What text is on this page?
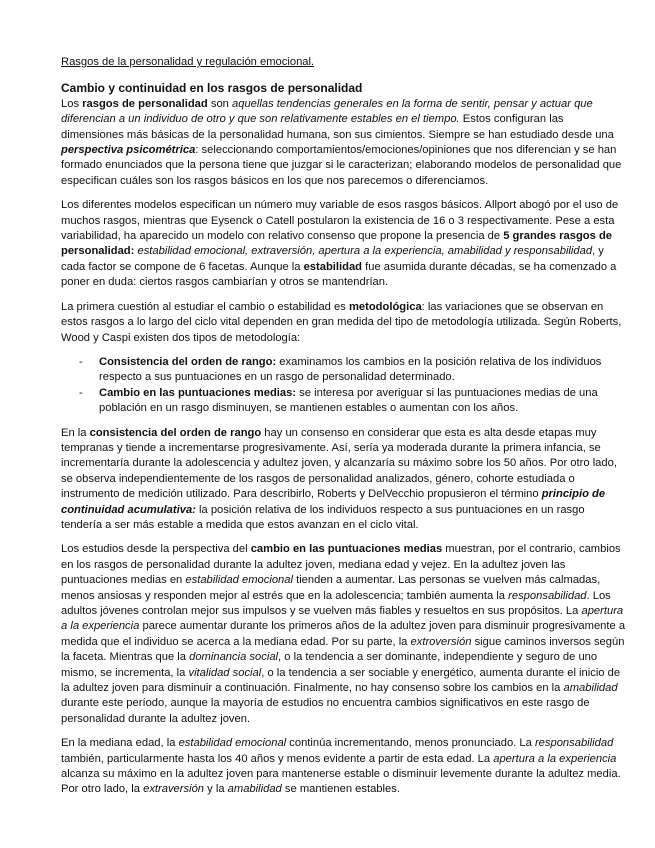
Rasgos de la personalidad y regulación emocional.
Cambio y continuidad en los rasgos de personalidad

Los rasgos de personalidad son aquellas tendencias generales en la forma de sentir, pensar y actuar que diferencian a un individuo de otro y que son relativamente estables en el tiempo. Estos configuran las dimensiones más básicas de la personalidad humana, son sus cimientos. Siempre se han estudiado desde una perspectiva psicométrica: seleccionando comportamientos/emociones/opiniones que nos diferencian y se han formado enunciados que la persona tiene que juzgar si le caracterizan; elaborando modelos de personalidad que especifican cuáles son los rasgos básicos en los que nos parecemos o diferenciamos.

Los diferentes modelos especifican un número muy variable de esos rasgos básicos. Allport abogó por el uso de muchos rasgos, mientras que Eysenck o Catell postularon la existencia de 16 o 3 respectivamente. Pese a esta variabilidad, ha aparecido un modelo con relativo consenso que propone la presencia de 5 grandes rasgos de personalidad: estabilidad emocional, extraversión, apertura a la experiencia, amabilidad y responsabilidad, y cada factor se compone de 6 facetas. Aunque la estabilidad fue asumida durante décadas, se ha comenzado a poner en duda: ciertos rasgos cambiarían y otros se mantendrían.

La primera cuestión al estudiar el cambio o estabilidad es metodológica: las variaciones que se observan en estos rasgos a lo largo del ciclo vital dependen en gran medida del tipo de metodología utilizada. Según Roberts, Wood y Caspi existen dos tipos de metodología:

- Consistencia del orden de rango: examinamos los cambios en la posición relativa de los individuos respecto a sus puntuaciones en un rasgo de personalidad determinado.
- Cambio en las puntuaciones medias: se interesa por averiguar si las puntuaciones medias de una población en un rasgo disminuyen, se mantienen estables o aumentan con los años.

En la consistencia del orden de rango hay un consenso en considerar que esta es alta desde etapas muy tempranas y tiende a incrementarse progresivamente. Así, sería ya moderada durante la primera infancia, se incrementaría durante la adolescencia y adultez joven, y alcanzaría su máximo sobre los 50 años. Por otro lado, se observa independientemente de los rasgos de personalidad analizados, género, cohorte estudiada o instrumento de medición utilizado. Para describirlo, Roberts y DelVecchio propusieron el término principio de continuidad acumulativa: la posición relativa de los individuos respecto a sus puntuaciones en un rasgo tendería a ser más estable a medida que estos avanzan en el ciclo vital.

Los estudios desde la perspectiva del cambio en las puntuaciones medias muestran, por el contrario, cambios en los rasgos de personalidad durante la adultez joven, mediana edad y vejez. En la adultez joven las puntuaciones medias en estabilidad emocional tienden a aumentar. Las personas se vuelven más calmadas, menos ansiosas y responden mejor al estrés que en la adolescencia; también aumenta la responsabilidad. Los adultos jóvenes controlan mejor sus impulsos y se vuelven más fiables y resueltos en sus propósitos. La apertura a la experiencia parece aumentar durante los primeros años de la adultez joven para disminuir progresivamente a medida que el individuo se acerca a la mediana edad. Por su parte, la extroversión sigue caminos inversos según la faceta. Mientras que la dominancia social, o la tendencia a ser dominante, independiente y seguro de uno mismo, se incrementa, la vitalidad social, o la tendencia a ser sociable y energético, aumenta durante el inicio de la adultez joven para disminuir a continuación. Finalmente, no hay consenso sobre los cambios en la amabilidad durante este período, aunque la mayoría de estudios no encuentra cambios significativos en este rasgo de personalidad durante la adultez joven.

En la mediana edad, la estabilidad emocional continúa incrementando, menos pronunciado. La responsabilidad también, particularmente hasta los 40 años y menos evidente a partir de esta edad. La apertura a la experiencia alcanza su máximo en la adultez joven para mantenerse estable o disminuir levemente durante la adultez media. Por otro lado, la extraversión y la amabilidad se mantienen estables.
